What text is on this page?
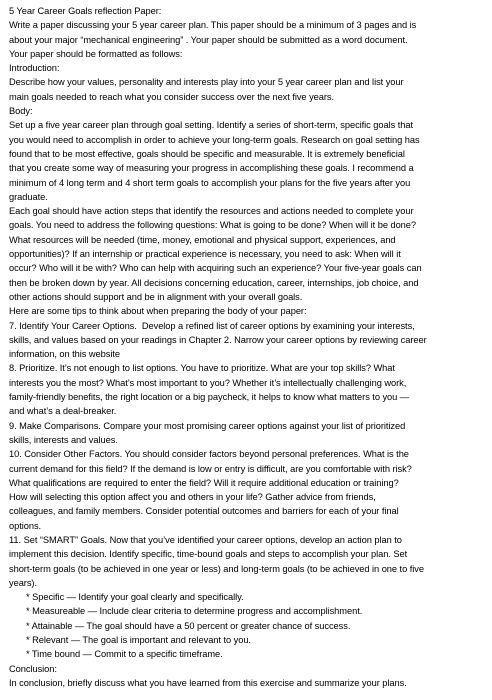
5 Year Career Goals reflection Paper:
Write a paper discussing your 5 year career plan. This paper should be a minimum of 3 pages and is
about your major “mechanical engineering” . Your paper should be submitted as a word document.
Your paper should be formatted as follows:
Introduction:
Describe how your values, personality and interests play into your 5 year career plan and list your
main goals needed to reach what you consider success over the next five years.
Body:
Set up a five year career plan through goal setting. Identify a series of short-term, specific goals that
you would need to accomplish in order to achieve your long-term goals. Research on goal setting has
found that to be most effective, goals should be specific and measurable. It is extremely beneficial
that you create some way of measuring your progress in accomplishing these goals. I recommend a
minimum of 4 long term and 4 short term goals to accomplish your plans for the five years after you
graduate.
Each goal should have action steps that identify the resources and actions needed to complete your
goals. You need to address the following questions: What is going to be done? When will it be done?
What resources will be needed (time, money, emotional and physical support, experiences, and
opportunities)? If an internship or practical experience is necessary, you need to ask: When will it
occur? Who will it be with? Who can help with acquiring such an experience? Your five-year goals can
then be broken down by year. All decisions concerning education, career, internships, job choice, and
other actions should support and be in alignment with your overall goals.
Here are some tips to think about when preparing the body of your paper:
7. Identify Your Career Options.  Develop a refined list of career options by examining your interests,
skills, and values based on your readings in Chapter 2. Narrow your career options by reviewing career
information, on this website
8. Prioritize. It’s not enough to list options. You have to prioritize. What are your top skills? What
interests you the most? What’s most important to you? Whether it’s intellectually challenging work,
family-friendly benefits, the right location or a big paycheck, it helps to know what matters to you —
and what’s a deal-breaker.
9. Make Comparisons. Compare your most promising career options against your list of prioritized
skills, interests and values.
10. Consider Other Factors. You should consider factors beyond personal preferences. What is the
current demand for this field? If the demand is low or entry is difficult, are you comfortable with risk?
What qualifications are required to enter the field? Will it require additional education or training?
How will selecting this option affect you and others in your life? Gather advice from friends,
colleagues, and family members. Consider potential outcomes and barriers for each of your final
options.
11. Set “SMART” Goals. Now that you’ve identified your career options, develop an action plan to
implement this decision. Identify specific, time-bound goals and steps to accomplish your plan. Set
short-term goals (to be achieved in one year or less) and long-term goals (to be achieved in one to five
years).
* Specific — Identify your goal clearly and specifically.
* Measureable — Include clear criteria to determine progress and accomplishment.
* Attainable — The goal should have a 50 percent or greater chance of success.
* Relevant — The goal is important and relevant to you.
* Time bound — Commit to a specific timeframe.
Conclusion:
In conclusion, briefly discuss what you have learned from this exercise and summarize your plans.
